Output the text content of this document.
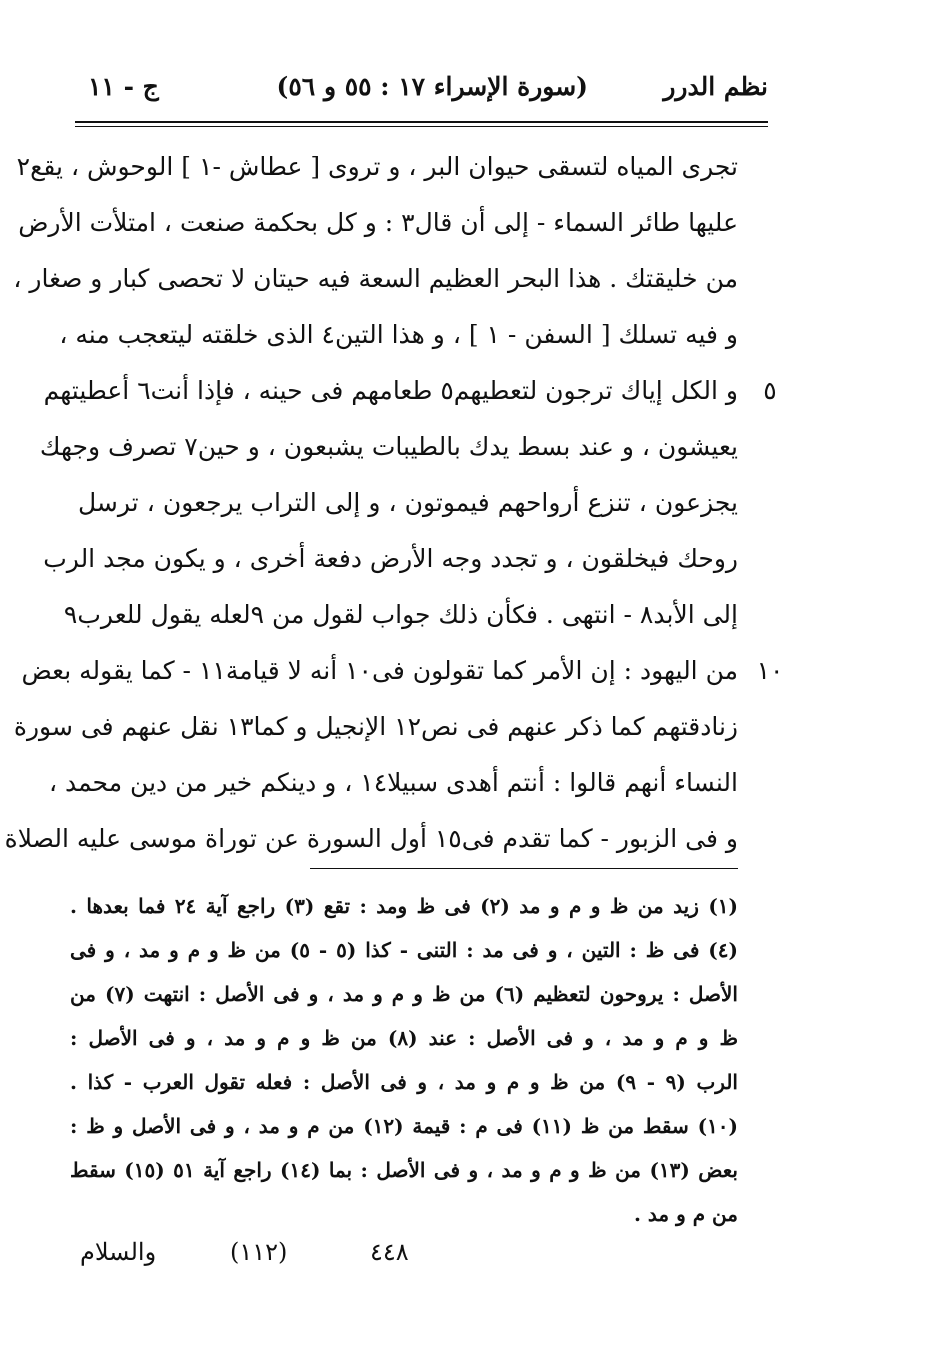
نظم الدرر
(سورة الإسراء ١٧ : ٥٥ و ٥٦)
ج - ١١
تجرى المياه لتسقى حيوان البر ، و تروى [ عطاش -١ ] الوحوش ، يقع٢
عليها طائر السماء - إلى أن قال٣ : و كل بحكمة صنعت ، امتلأت الأرض
من خليقتك . هذا البحر العظيم السعة فيه حيتان لا تحصى كبار و صغار ،
و فيه تسلك [ السفن - ١ ] ، و هذا التين٤ الذى خلقته ليتعجب منه ،
٥
و الكل إياك ترجون لتعطيهم٥ طعامهم فى حينه ، فإذا أنت٦ أعطيتهم
يعيشون ، و عند بسط يدك بالطيبات يشبعون ، و حين٧ تصرف وجهك
يجزعون ، تنزع أرواحهم فيموتون ، و إلى التراب يرجعون ، ترسل
روحك فيخلقون ، و تجدد وجه الأرض دفعة أخرى ، و يكون مجد الرب
إلى الأبد٨ - انتهى . فكأن ذلك جواب لقول من ٩لعله يقول للعرب٩
١٠
من اليهود : إن الأمر كما تقولون فى١٠ أنه لا قيامة١١ - كما يقوله بعض
زنادقتهم كما ذكر عنهم فى نص١٢ الإنجيل و كما١٣ نقل عنهم فى سورة
النساء أنهم قالوا : أنتم أهدى سبيلا١٤ ، و دينكم خير من دين محمد ،
و فى الزبور - كما تقدم فى١٥ أول السورة عن توراة موسى عليه الصلاة
(١) زيد من ظ و م و مد (٢) فى ظ ومد : تقع (٣) راجع آية ٢٤ فما بعدها .
(٤) فى ظ : التين ، و فى مد : التنى - كذا (٥ - ٥) من ظ و م و مد ، و فى
الأصل : يروحون لتعظيم (٦) من ظ و م و مد ، و فى الأصل : انتهت (٧) من
ظ و م و مد ، و فى الأصل : عند (٨) من ظ و م و مد ، و فى الأصل :
الرب (٩ - ٩) من ظ و م و مد ، و فى الأصل : فعله تقول العرب - كذا .
(١٠) سقط من ظ (١١) فى م : قيمة (١٢) من م و مد ، و فى الأصل و ظ :
بعض (١٣) من ظ و م و مد ، و فى الأصل : بما (١٤) راجع آية ٥١ (١٥) سقط
من م و مد .
٤٤٨
(١١٢)
والسلام
